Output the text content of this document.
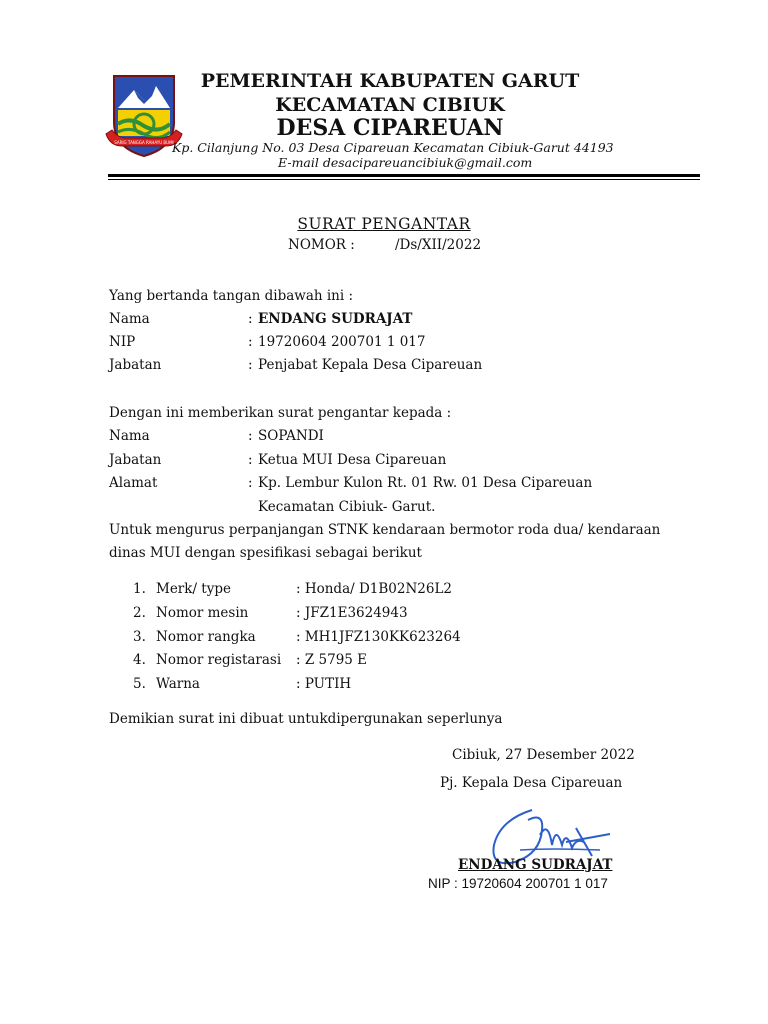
SARIG TANGGA RAHAYU BUMI
PEMERINTAH KABUPATEN GARUT
KECAMATAN CIBIUK
DESA CIPAREUAN
Kp. Cilanjung No. 03 Desa Cipareuan Kecamatan Cibiuk-Garut 44193
E-mail desacipareuancibiuk@gmail.com
SURAT PENGANTAR
NOMOR :	/Ds/XII/2022
Yang bertanda tangan dibawah ini :
Nama	: ENDANG SUDRAJAT
NIP	: 19720604 200701 1 017
Jabatan	: Penjabat Kepala Desa Cipareuan
Dengan ini memberikan surat pengantar kepada :
Nama	: SOPANDI
Jabatan	: Ketua MUI Desa Cipareuan
Alamat	: Kp. Lembur Kulon Rt. 01 Rw. 01 Desa Cipareuan
Kecamatan Cibiuk- Garut.
Untuk mengurus perpanjangan STNK kendaraan bermotor roda dua/ kendaraan
dinas MUI dengan spesifikasi sebagai berikut
1. Merk/ type	: Honda/ D1B02N26L2
2. Nomor mesin	: JFZ1E3624943
3. Nomor rangka	: MH1JFZ130KK623264
4. Nomor registarasi : Z 5795 E
5. Warna	: PUTIH
Demikian surat ini dibuat untukdipergunakan seperlunya
Cibiuk, 27 Desember 2022
Pj. Kepala Desa Cipareuan
ENDANG SUDRAJAT
NIP : 19720604 200701 1 017
